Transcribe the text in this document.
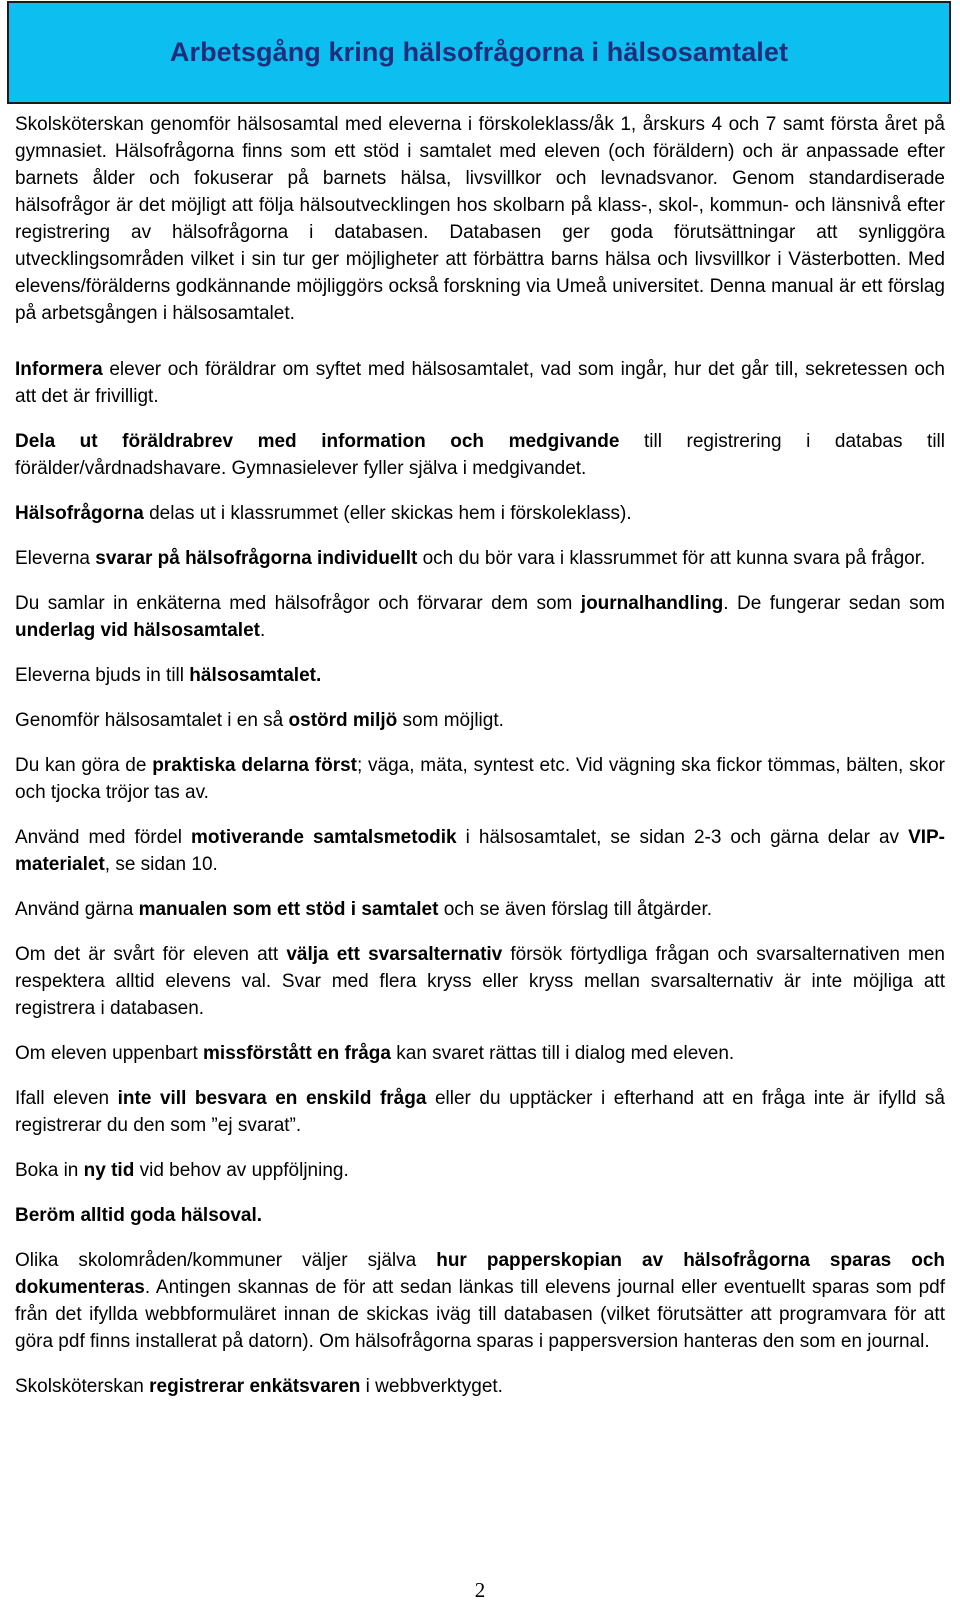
Arbetsgång kring hälsofrågorna i hälsosamtalet

Skolsköterskan genomför hälsosamtal med eleverna i förskoleklass/åk 1, årskurs 4 och 7 samt första året på gymnasiet. Hälsofrågorna finns som ett stöd i samtalet med eleven (och föräldern) och är anpassade efter barnets ålder och fokuserar på barnets hälsa, livsvillkor och levnadsvanor. Genom standardiserade hälsofrågor är det möjligt att följa hälsoutvecklingen hos skolbarn på klass-, skol-, kommun- och länsnivå efter registrering av hälsofrågorna i databasen. Databasen ger goda förutsättningar att synliggöra utvecklingsområden vilket i sin tur ger möjligheter att förbättra barns hälsa och livsvillkor i Västerbotten. Med elevens/förälderns godkännande möjliggörs också forskning via Umeå universitet. Denna manual är ett förslag på arbetsgången i hälsosamtalet.

Informera elever och föräldrar om syftet med hälsosamtalet, vad som ingår, hur det går till, sekretessen och att det är frivilligt.

Dela ut föräldrabrev med information och medgivande till registrering i databas till förälder/vårdnadshavare. Gymnasielever fyller själva i medgivandet.

Hälsofrågorna delas ut i klassrummet (eller skickas hem i förskoleklass).

Eleverna svarar på hälsofrågorna individuellt och du bör vara i klassrummet för att kunna svara på frågor.

Du samlar in enkäterna med hälsofrågor och förvarar dem som journalhandling. De fungerar sedan som underlag vid hälsosamtalet.

Eleverna bjuds in till hälsosamtalet.

Genomför hälsosamtalet i en så ostörd miljö som möjligt.

Du kan göra de praktiska delarna först; väga, mäta, syntest etc. Vid vägning ska fickor tömmas, bälten, skor och tjocka tröjor tas av.

Använd med fördel motiverande samtalsmetodik i hälsosamtalet, se sidan 2-3 och gärna delar av VIP-materialet, se sidan 10.

Använd gärna manualen som ett stöd i samtalet och se även förslag till åtgärder.

Om det är svårt för eleven att välja ett svarsalternativ försök förtydliga frågan och svarsalternativen men respektera alltid elevens val. Svar med flera kryss eller kryss mellan svarsalternativ är inte möjliga att registrera i databasen.

Om eleven uppenbart missförstått en fråga kan svaret rättas till i dialog med eleven.

Ifall eleven inte vill besvara en enskild fråga eller du upptäcker i efterhand att en fråga inte är ifylld så registrerar du den som ”ej svarat”.

Boka in ny tid vid behov av uppföljning.

Beröm alltid goda hälsoval.

Olika skolområden/kommuner väljer själva hur papperskopian av hälsofrågorna sparas och dokumenteras. Antingen skannas de för att sedan länkas till elevens journal eller eventuellt sparas som pdf från det ifyllda webbformuläret innan de skickas iväg till databasen (vilket förutsätter att programvara för att göra pdf finns installerat på datorn). Om hälsofrågorna sparas i pappersversion hanteras den som en journal.

Skolsköterskan registrerar enkätsvaren i webbverktyget.

2
